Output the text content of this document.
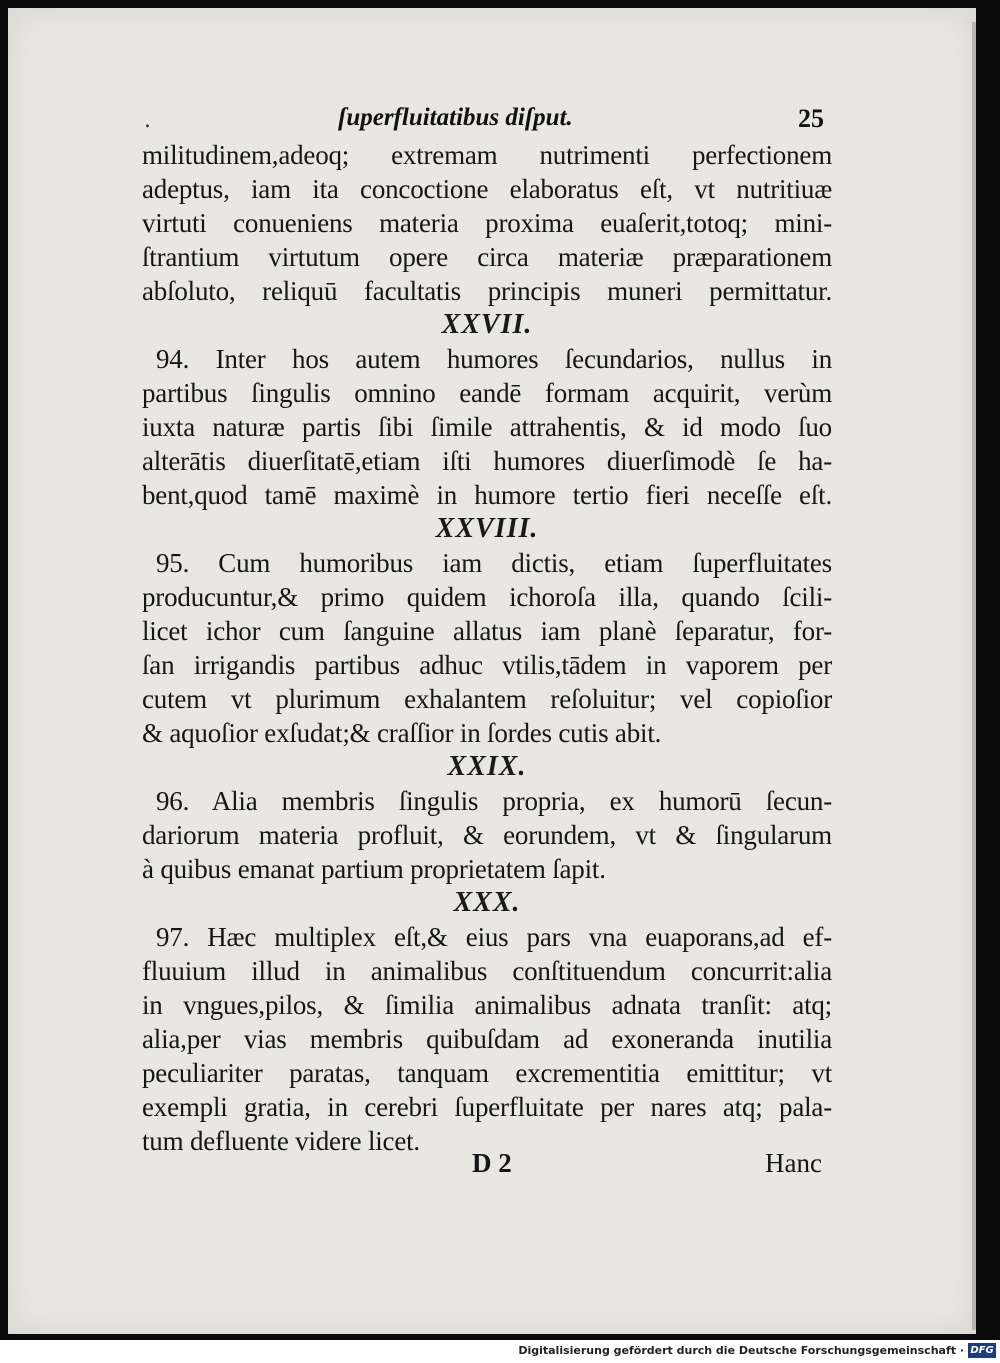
.	ſuperfluitatibus diſput.	25
militudinem,adeoq; extremam nutrimenti perfectionem
adeptus, iam ita concoctione elaboratus eſt, vt nutritiuæ
virtuti conueniens materia proxima euaſerit,totoq; mini-
ſtrantium virtutum opere circa materiæ præparationem
abſoluto, reliquū facultatis principis muneri permittatur.
XXVII.
94. Inter hos autem humores ſecundarios, nullus in
partibus ſingulis omnino eandē formam acquirit, verùm
iuxta naturæ partis ſibi ſimile attrahentis, & id modo ſuo
alterātis diuerſitatē,etiam iſti humores diuerſimodè ſe ha-
bent,quod tamē maximè in humore tertio fieri neceſſe eſt.
XXVIII.
95. Cum humoribus iam dictis, etiam ſuperfluitates
producuntur,& primo quidem ichoroſa illa, quando ſcili-
licet ichor cum ſanguine allatus iam planè ſeparatur, for-
ſan irrigandis partibus adhuc vtilis,tādem in vaporem per
cutem vt plurimum exhalantem reſoluitur; vel copioſior
& aquoſior exſudat;& craſſior in ſordes cutis abit.
XXIX.
96. Alia membris ſingulis propria, ex humorū ſecun-
dariorum materia profluit, & eorundem, vt & ſingularum
à quibus emanat partium proprietatem ſapit.
XXX.
97. Hæc multiplex eſt,& eius pars vna euaporans,ad ef-
fluuium illud in animalibus conſtituendum concurrit:alia
in vngues,pilos, & ſimilia animalibus adnata tranſit: atq;
alia,per vias membris quibuſdam ad exoneranda inutilia
peculiariter paratas, tanquam excrementitia emittitur; vt
exempli gratia, in cerebri ſuperfluitate per nares atq; pala-
tum defluente videre licet.
D 2	Hanc
Digitalisierung gefördert durch die Deutsche Forschungsgemeinschaft · DFG
